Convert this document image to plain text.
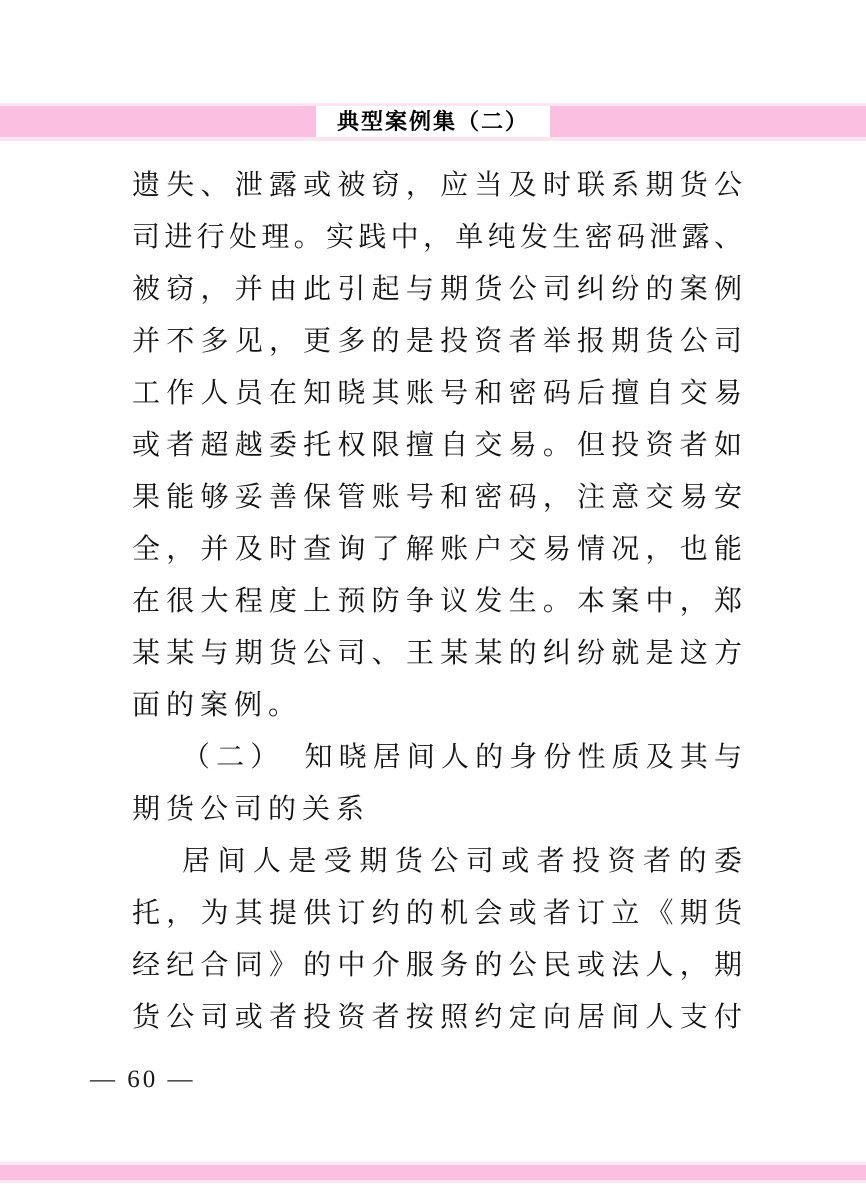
典型案例集（二）
遗失、泄露或被窃，应当及时联系期货公
司进行处理。实践中，单纯发生密码泄露、
被窃，并由此引起与期货公司纠纷的案例
并不多见，更多的是投资者举报期货公司
工作人员在知晓其账号和密码后擅自交易
或者超越委托权限擅自交易。但投资者如
果能够妥善保管账号和密码，注意交易安
全，并及时查询了解账户交易情况，也能
在很大程度上预防争议发生。本案中，郑
某某与期货公司、王某某的纠纷就是这方
面的案例。
（二）　知晓居间人的身份性质及其与
期货公司的关系
居间人是受期货公司或者投资者的委
托，为其提供订约的机会或者订立《期货
经纪合同》的中介服务的公民或法人，期
货公司或者投资者按照约定向居间人支付
— 60 —
